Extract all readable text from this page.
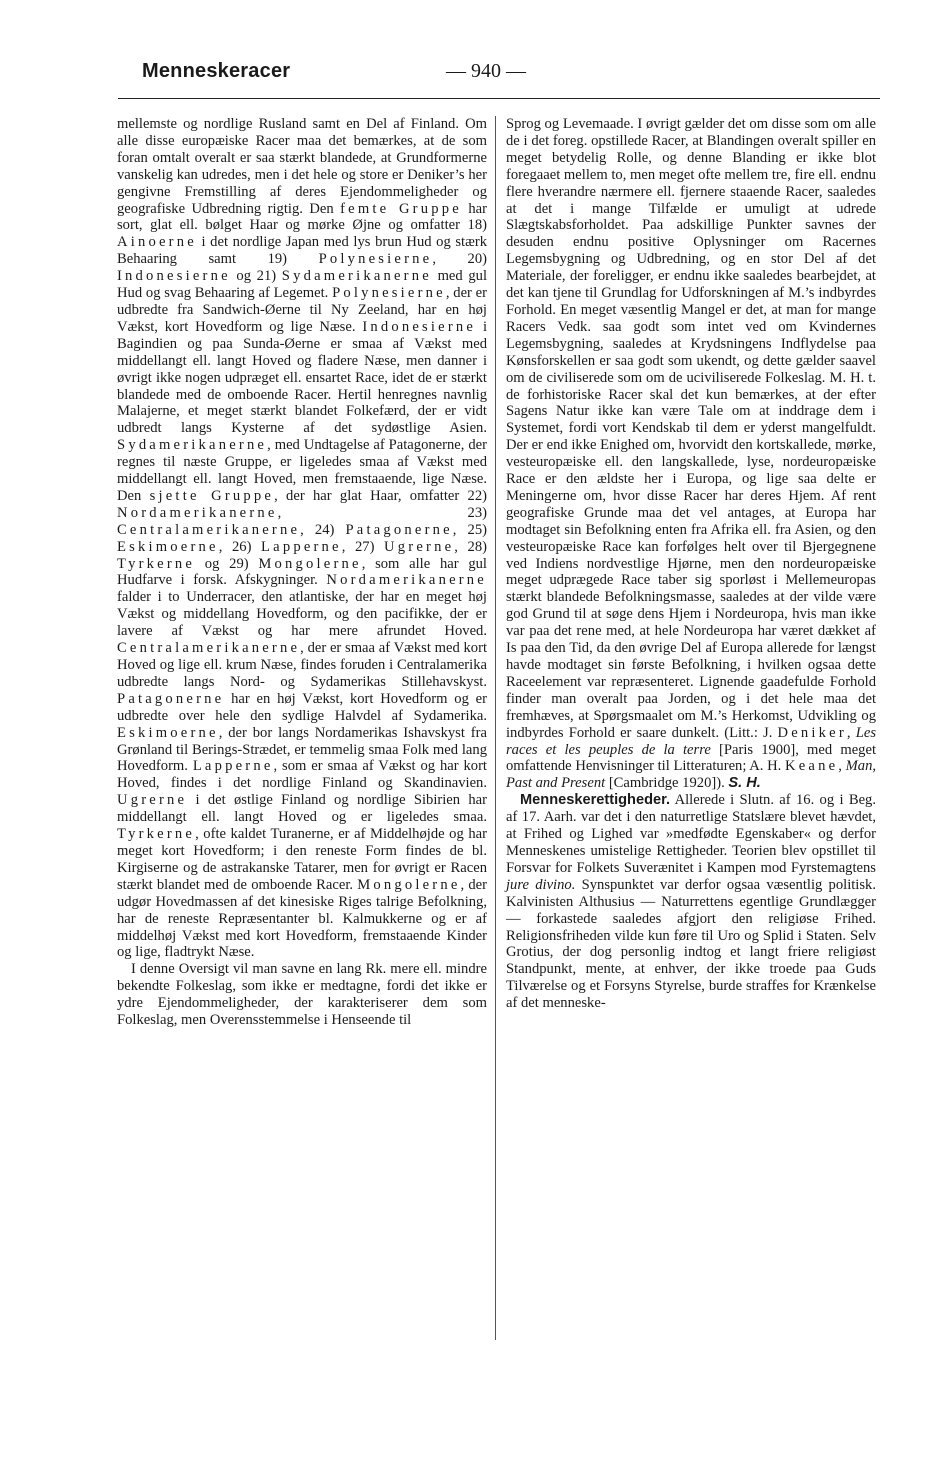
Menneskeracer	— 940 —

mellemste og nordlige Rusland samt en Del af Finland. Om alle disse europæiske Racer maa det bemærkes, at de som foran omtalt overalt er saa stærkt blandede, at Grundformerne vanskelig kan udredes, men i det hele og store er Deniker’s her gengivne Fremstilling af deres Ejendommeligheder og geografiske Udbredning rigtig. Den femte Gruppe har sort, glat ell. bølget Haar og mørke Øjne og omfatter 18) Ainoerne i det nordlige Japan med lys brun Hud og stærk Behaaring samt 19) Polynesierne, 20) Indonesierne og 21) Sydamerikanerne med gul Hud og svag Behaaring af Legemet. Polynesierne, der er udbredte fra Sandwich-Øerne til Ny Zeeland, har en høj Vækst, kort Hovedform og lige Næse. Indonesierne i Bagindien og paa Sunda-Øerne er smaa af Vækst med middellangt ell. langt Hoved og fladere Næse, men danner i øvrigt ikke nogen udpræget ell. ensartet Race, idet de er stærkt blandede med de omboende Racer. Hertil henregnes navnlig Malajerne, et meget stærkt blandet Folkefærd, der er vidt udbredt langs Kysterne af det sydøstlige Asien. Sydamerikanerne, med Undtagelse af Patagonerne, der regnes til næste Gruppe, er ligeledes smaa af Vækst med middellangt ell. langt Hoved, men fremstaaende, lige Næse. Den sjette Gruppe, der har glat Haar, omfatter 22) Nordamerikanerne, 23) Centralamerikanerne, 24) Patagonerne, 25) Eskimoerne, 26) Lapperne, 27) Ugrerne, 28) Tyrkerne og 29) Mongolerne, som alle har gul Hudfarve i forsk. Afskygninger. Nordamerikanerne falder i to Underracer, den atlantiske, der har en meget høj Vækst og middellang Hovedform, og den pacifikke, der er lavere af Vækst og har mere afrundet Hoved. Centralamerikanerne, der er smaa af Vækst med kort Hoved og lige ell. krum Næse, findes foruden i Centralamerika udbredte langs Nord- og Sydamerikas Stillehavskyst. Patagonerne har en høj Vækst, kort Hovedform og er udbredte over hele den sydlige Halvdel af Sydamerika. Eskimoerne, der bor langs Nordamerikas Ishavskyst fra Grønland til Berings-Strædet, er temmelig smaa Folk med lang Hovedform. Lapperne, som er smaa af Vækst og har kort Hoved, findes i det nordlige Finland og Skandinavien. Ugrerne i det østlige Finland og nordlige Sibirien har middellangt ell. langt Hoved og er ligeledes smaa. Tyrkerne, ofte kaldet Turanerne, er af Middelhøjde og har meget kort Hovedform; i den reneste Form findes de bl. Kirgiserne og de astrakanske Tatarer, men for øvrigt er Racen stærkt blandet med de omboende Racer. Mongolerne, der udgør Hovedmassen af det kinesiske Riges talrige Befolkning, har de reneste Repræsentanter bl. Kalmukkerne og er af middelhøj Vækst med kort Hovedform, fremstaaende Kinder og lige, fladtrykt Næse.

I denne Oversigt vil man savne en lang Rk. mere ell. mindre bekendte Folkeslag, som ikke er medtagne, fordi det ikke er ydre Ejendommeligheder, der karakteriserer dem som Folkeslag, men Overensstemmelse i Henseende til

Sprog og Levemaade. I øvrigt gælder det om disse som om alle de i det foreg. opstillede Racer, at Blandingen overalt spiller en meget betydelig Rolle, og denne Blanding er ikke blot foregaaet mellem to, men meget ofte mellem tre, fire ell. endnu flere hverandre nærmere ell. fjernere staaende Racer, saaledes at det i mange Tilfælde er umuligt at udrede Slægtskabsforholdet. Paa adskillige Punkter savnes der desuden endnu positive Oplysninger om Racernes Legemsbygning og Udbredning, og en stor Del af det Materiale, der foreligger, er endnu ikke saaledes bearbejdet, at det kan tjene til Grundlag for Udforskningen af M.’s indbyrdes Forhold. En meget væsentlig Mangel er det, at man for mange Racers Vedk. saa godt som intet ved om Kvindernes Legemsbygning, saaledes at Krydsningens Indflydelse paa Kønsforskellen er saa godt som ukendt, og dette gælder saavel om de civiliserede som om de uciviliserede Folkeslag. M. H. t. de forhistoriske Racer skal det kun bemærkes, at der efter Sagens Natur ikke kan være Tale om at inddrage dem i Systemet, fordi vort Kendskab til dem er yderst mangelfuldt. Der er end ikke Enighed om, hvorvidt den kortskallede, mørke, vesteuropæiske ell. den langskallede, lyse, nordeuropæiske Race er den ældste her i Europa, og lige saa delte er Meningerne om, hvor disse Racer har deres Hjem. Af rent geografiske Grunde maa det vel antages, at Europa har modtaget sin Befolkning enten fra Afrika ell. fra Asien, og den vesteuropæiske Race kan forfølges helt over til Bjergegnene ved Indiens nordvestlige Hjørne, men den nordeuropæiske meget udprægede Race taber sig sporløst i Mellemeuropas stærkt blandede Befolkningsmasse, saaledes at der vilde være god Grund til at søge dens Hjem i Nordeuropa, hvis man ikke var paa det rene med, at hele Nordeuropa har været dækket af Is paa den Tid, da den øvrige Del af Europa allerede for længst havde modtaget sin første Befolkning, i hvilken ogsaa dette Raceelement var repræsenteret. Lignende gaadefulde Forhold finder man overalt paa Jorden, og i det hele maa det fremhæves, at Spørgsmaalet om M.’s Herkomst, Udvikling og indbyrdes Forhold er saare dunkelt. (Litt.: J. Deniker, Les races et les peuples de la terre [Paris 1900], med meget omfattende Henvisninger til Litteraturen; A. H. Keane, Man, Past and Present [Cambridge 1920]). S. H.

Menneskerettigheder. Allerede i Slutn. af 16. og i Beg. af 17. Aarh. var det i den naturretlige Statslære blevet hævdet, at Frihed og Lighed var »medfødte Egenskaber« og derfor Menneskenes umistelige Rettigheder. Teorien blev opstillet til Forsvar for Folkets Suverænitet i Kampen mod Fyrstemagtens jure divino. Synspunktet var derfor ogsaa væsentlig politisk. Kalvinisten Althusius — Naturrettens egentlige Grundlægger — forkastede saaledes afgjort den religiøse Frihed. Religionsfriheden vilde kun føre til Uro og Splid i Staten. Selv Grotius, der dog personlig indtog et langt friere religiøst Standpunkt, mente, at enhver, der ikke troede paa Guds Tilværelse og et Forsyns Styrelse, burde straffes for Krænkelse af det menneske-
